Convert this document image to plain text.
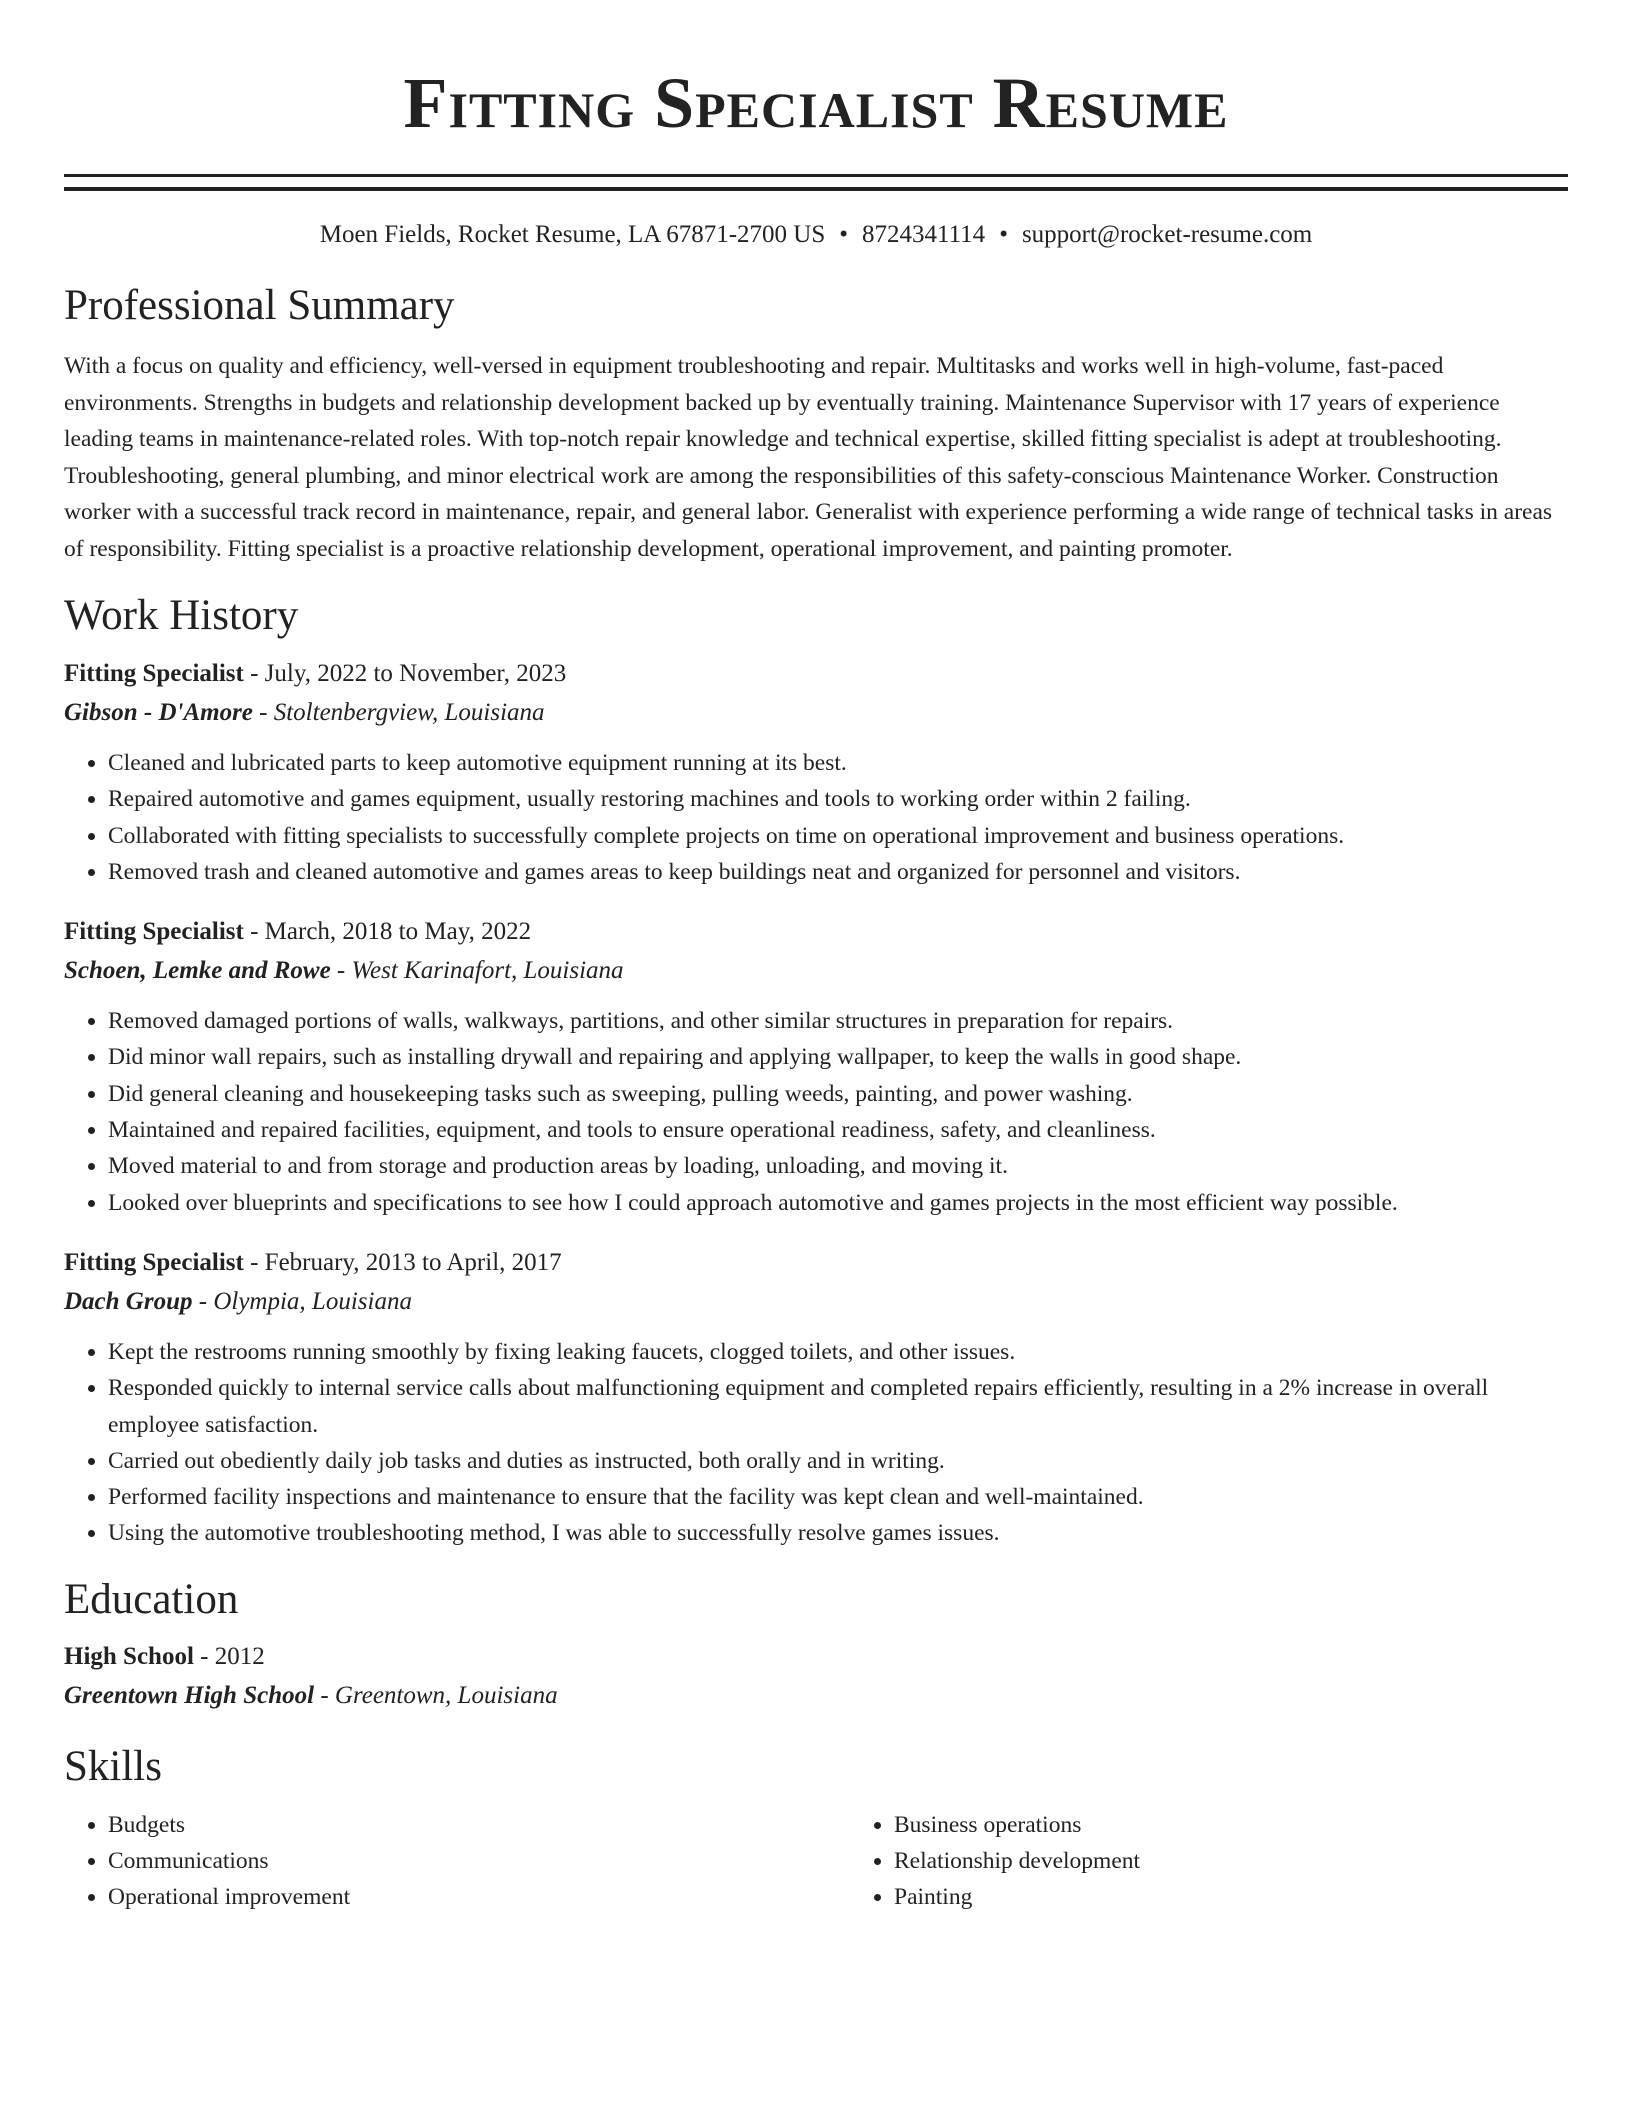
Fitting Specialist Resume
Moen Fields, Rocket Resume, LA 67871-2700 US • 8724341114 • support@rocket-resume.com
Professional Summary

With a focus on quality and efficiency, well-versed in equipment troubleshooting and repair. Multitasks and works well in high-volume, fast-paced environments. Strengths in budgets and relationship development backed up by eventually training. Maintenance Supervisor with 17 years of experience leading teams in maintenance-related roles. With top-notch repair knowledge and technical expertise, skilled fitting specialist is adept at troubleshooting. Troubleshooting, general plumbing, and minor electrical work are among the responsibilities of this safety-conscious Maintenance Worker. Construction worker with a successful track record in maintenance, repair, and general labor. Generalist with experience performing a wide range of technical tasks in areas of responsibility. Fitting specialist is a proactive relationship development, operational improvement, and painting promoter.

Work History
Fitting Specialist - July, 2022 to November, 2023
Gibson - D'Amore - Stoltenbergview, Louisiana
• Cleaned and lubricated parts to keep automotive equipment running at its best.
• Repaired automotive and games equipment, usually restoring machines and tools to working order within 2 failing.
• Collaborated with fitting specialists to successfully complete projects on time on operational improvement and business operations.
• Removed trash and cleaned automotive and games areas to keep buildings neat and organized for personnel and visitors.
Fitting Specialist - March, 2018 to May, 2022
Schoen, Lemke and Rowe - West Karinafort, Louisiana
• Removed damaged portions of walls, walkways, partitions, and other similar structures in preparation for repairs.
• Did minor wall repairs, such as installing drywall and repairing and applying wallpaper, to keep the walls in good shape.
• Did general cleaning and housekeeping tasks such as sweeping, pulling weeds, painting, and power washing.
• Maintained and repaired facilities, equipment, and tools to ensure operational readiness, safety, and cleanliness.
• Moved material to and from storage and production areas by loading, unloading, and moving it.
• Looked over blueprints and specifications to see how I could approach automotive and games projects in the most efficient way possible.
Fitting Specialist - February, 2013 to April, 2017
Dach Group - Olympia, Louisiana
• Kept the restrooms running smoothly by fixing leaking faucets, clogged toilets, and other issues.
• Responded quickly to internal service calls about malfunctioning equipment and completed repairs efficiently, resulting in a 2% increase in overall employee satisfaction.
• Carried out obediently daily job tasks and duties as instructed, both orally and in writing.
• Performed facility inspections and maintenance to ensure that the facility was kept clean and well-maintained.
• Using the automotive troubleshooting method, I was able to successfully resolve games issues.
Education
High School - 2012
Greentown High School - Greentown, Louisiana
Skills
• Budgets
• Communications
• Operational improvement
• Business operations
• Relationship development
• Painting
